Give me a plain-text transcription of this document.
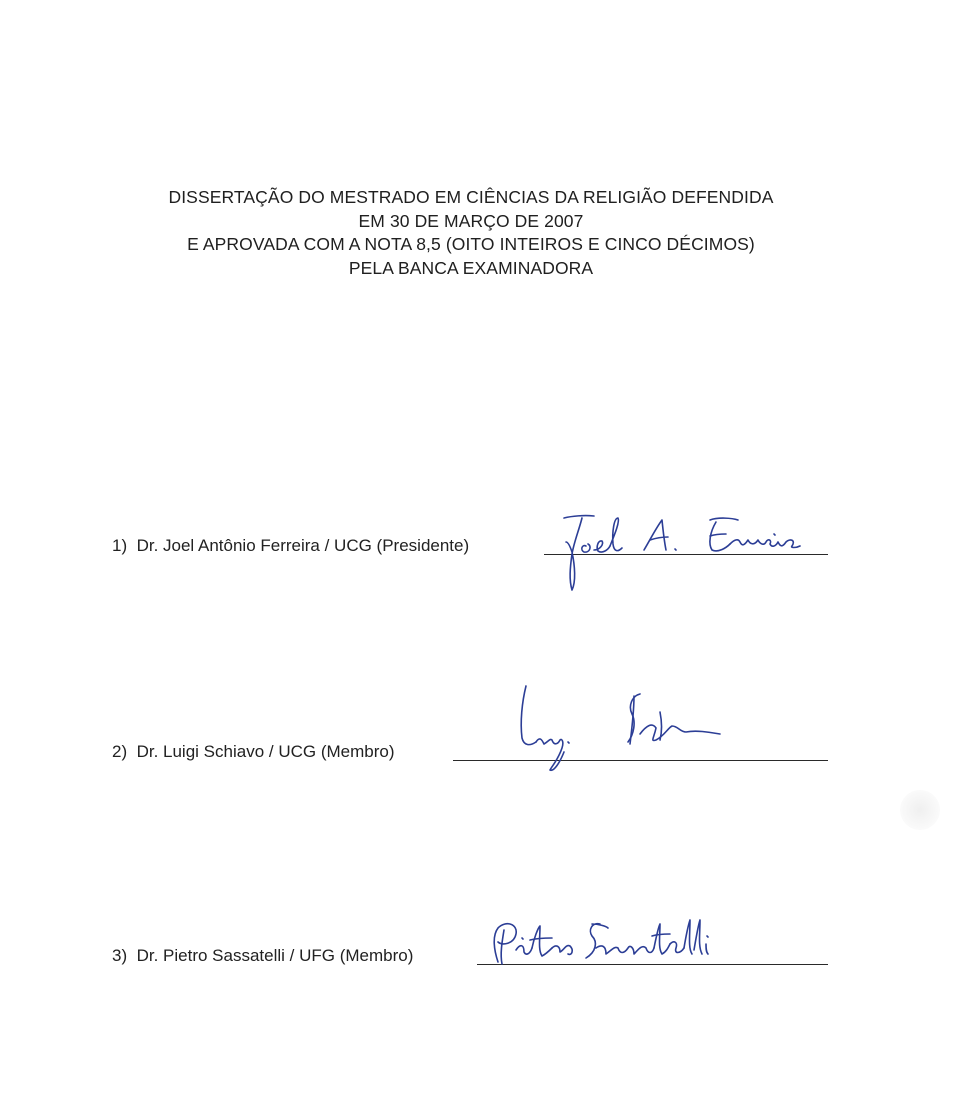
DISSERTAÇÃO DO MESTRADO EM CIÊNCIAS DA RELIGIÃO DEFENDIDA
EM 30 DE MARÇO DE 2007
E APROVADA COM A NOTA 8,5 (OITO INTEIROS E CINCO DÉCIMOS)
PELA BANCA EXAMINADORA
1) Dr. Joel Antônio Ferreira / UCG (Presidente)
2) Dr. Luigi Schiavo / UCG (Membro)
3) Dr. Pietro Sassatelli / UFG (Membro)
